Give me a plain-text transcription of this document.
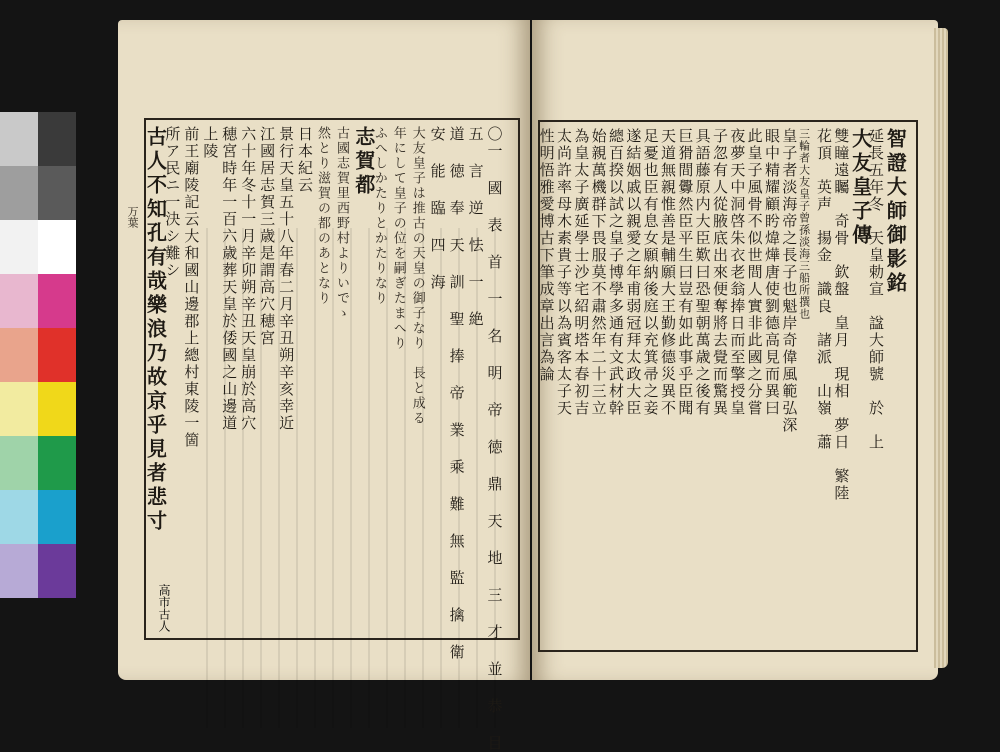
〇一 國 表 首 一 名 明 帝 徳 鼎 天 地 三 才 並 恭 目
五 言 逆 怯 一 絶
道 徳 奉 天 訓 聖 捧 帝 業 乘 難 無 監 擒 衛
安 能 臨 四 海
大友皇子は推古の天皇の御子なり　長と成る
年にして皇子の位を嗣ぎたまへり
ふへしかたりとかたりなり
志賀都
古國志賀里西野村よりいでゝ
然とり滋賀の都のあとなり
日本紀云
景行天皇五十八年春二月辛丑朔辛亥幸近
江國居志賀三歳是謂高穴穂宮
六十年冬十一月辛卯朔辛丑天皇崩於高穴
穂宮時年一百六歳葬天皇於倭國之山邊道
上陵
前王廟陵記云大和國山邊郡上總村東陵一箇
所ア民ニ一決シ難シ
古人不知孔有哉樂浪乃故京乎見者悲寸
高市古人
智證大師御影銘
延長五年冬　天皇勅宣　諡大師號　於　上
大友皇子傳
雙瞳遠矚　奇骨　欽盤　皇月　現相　夢日　繁陸
花頂　英声　揚金　識良　諸派　山嶺　蕭
三輪者大友皇子曾孫淡海三船所撰也
皇子者淡海帝之長子也魁岸奇偉風範弘深
眼中精耀顧盻煒燁唐使劉德高見而異曰
此皇子風骨不似世間人實非此國之分嘗
夜夢天中洞啓朱衣老翁捧日而至擎授皇
子忽有人從腋底出來便奪將去覺而驚異
具語藤原内大臣歎曰恐聖朝萬歳之後有
巨猾間釁然臣平生曰豈有如此事乎臣聞
天道無親惟善是輔願大王勤修德災異不
足憂也臣有息女願納後庭以充箕帚之妾
遂結姻戚以親愛之年甫弱冠拜太政大臣
總百揆以試之皇子博學多通有文武材幹
始親萬機群下畏服莫不肅然年二十三立
為皇太子廣延學士沙宅紹明塔本春初吉
太尚許率母木素貴子等以為賓客太子天
性明悟雅愛博古下筆成章出言為論
万葉
